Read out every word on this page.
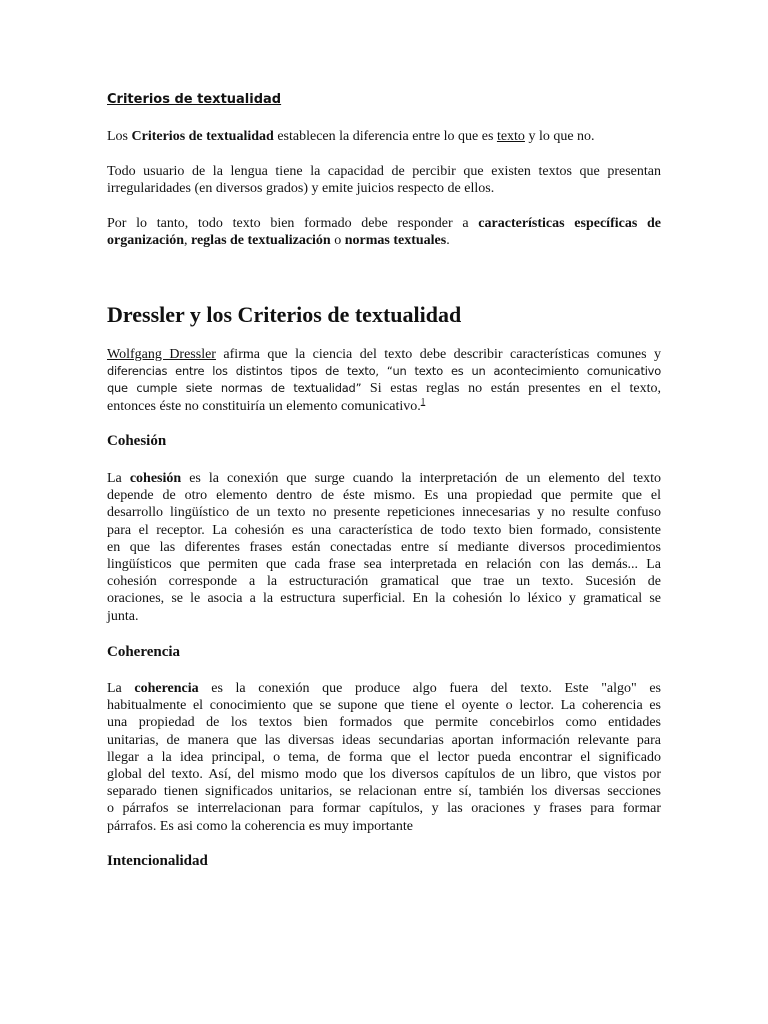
Criterios de textualidad

Los Criterios de textualidad establecen la diferencia entre lo que es texto y lo que no.

Todo usuario de la lengua tiene la capacidad de percibir que existen textos que presentan
irregularidades (en diversos grados) y emite juicios respecto de ellos.

Por lo tanto, todo texto bien formado debe responder a características específicas de
organización, reglas de textualización o normas textuales.

Dressler y los Criterios de textualidad

Wolfgang Dressler afirma que la ciencia del texto debe describir características comunes y
diferencias entre los distintos tipos de texto, “un texto es un acontecimiento comunicativo
que cumple siete normas de textualidad” Si estas reglas no están presentes en el texto,
entonces éste no constituiría un elemento comunicativo.$^1$

Cohesión

La cohesión es la conexión que surge cuando la interpretación de un elemento del texto
depende de otro elemento dentro de éste mismo. Es una propiedad que permite que el
desarrollo lingüístico de un texto no presente repeticiones innecesarias y no resulte confuso
para el receptor. La cohesión es una característica de todo texto bien formado, consistente
en que las diferentes frases están conectadas entre sí mediante diversos procedimientos
lingüísticos que permiten que cada frase sea interpretada en relación con las demás... La
cohesión corresponde a la estructuración gramatical que trae un texto. Sucesión de
oraciones, se le asocia a la estructura superficial. En la cohesión lo léxico y gramatical se
junta.

Coherencia

La coherencia es la conexión que produce algo fuera del texto. Este "algo" es
habitualmente el conocimiento que se supone que tiene el oyente o lector. La coherencia es
una propiedad de los textos bien formados que permite concebirlos como entidades
unitarias, de manera que las diversas ideas secundarias aportan información relevante para
llegar a la idea principal, o tema, de forma que el lector pueda encontrar el significado
global del texto. Así, del mismo modo que los diversos capítulos de un libro, que vistos por
separado tienen significados unitarios, se relacionan entre sí, también los diversas secciones
o párrafos se interrelacionan para formar capítulos, y las oraciones y frases para formar
párrafos. Es asi como la coherencia es muy importante

Intencionalidad
